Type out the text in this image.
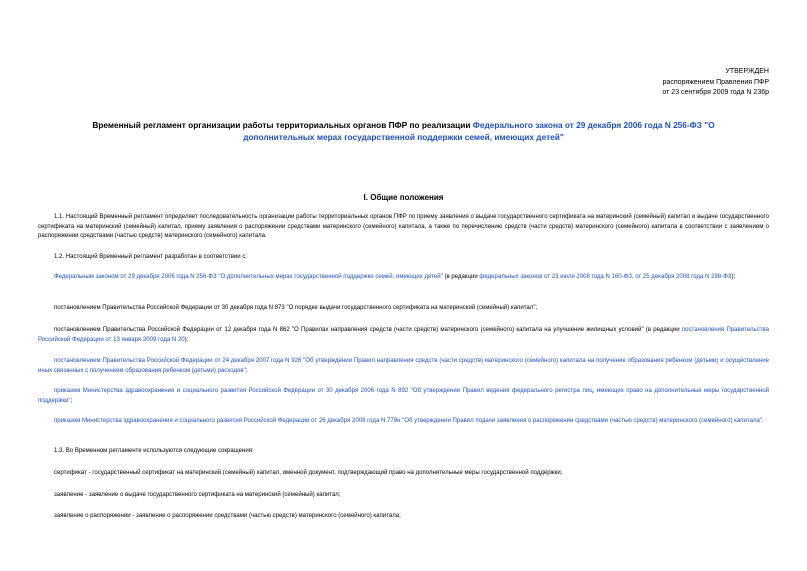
УТВЕРЖДЕН
распоряжением Правления ПФР
от 23 сентября 2009 года N 236р
Временный регламент организации работы территориальных органов ПФР по реализации Федерального закона от 29 декабря 2006 года N 256-ФЗ "О дополнительных мерах государственной поддержки семей, имеющих детей"
I. Общие положения
1.1. Настоящий Временный регламент определяет последовательность организации работы территориальных органов ПФР по приему заявления о выдаче государственного сертификата на материнский (семейный) капитал и выдаче государственного сертификата на материнский (семейный) капитал, приему заявления о распоряжении средствами материнского (семейного) капитала, а также по перечислению средств (части средств) материнского (семейного) капитала в соответствии с заявлением о распоряжении средствами (частью средств) материнского (семейного) капитала.
1.2. Настоящий Временный регламент разработан в соответствии с:
Федеральным законом от 29 декабря 2006 года N 256-ФЗ "О дополнительных мерах государственной поддержки семей, имеющих детей" (в редакции федеральных законов от 23 июля 2008 года N 160-ФЗ, от 25 декабря 2008 года N 288-ФЗ);
постановлением Правительства Российской Федерации от 30 декабря года N 873 "О порядке выдачи государственного сертификата на материнский (семейный) капитал";
постановлением Правительства Российской Федерации от 12 декабря года N 862 "О Правилах направления средств (части средств) материнского (семейного) капитала на улучшение жилищных условий" (в редакции постановления Правительства Российской Федерации от 13 января 2009 года N 20);
постановлением Правительства Российской Федерации от 24 декабря 2007 года N 926 "Об утверждении Правил направления средств (части средств) материнского (семейного) капитала на получение образования ребенком (детьми) и осуществление иных связанных с получением образования ребенком (детьми) расходов";
приказом Министерства здравоохранения и социального развития Российской Федерации от 30 декабря 2006 года N 892 "Об утверждении Правил ведения федерального регистра лиц, имеющих право на дополнительные меры государственной поддержки";
приказом Министерства здравоохранения и социального развития Российской Федерации от 26 декабря 2008 года N 779н "Об утверждении Правил подачи заявления о распоряжении средствами (частью средств) материнского (семейного) капитала".
1.3. Во Временном регламенте используются следующие сокращения:
сертификат - государственный сертификат на материнский (семейный) капитал, именной документ, подтверждающий право на дополнительные меры государственной поддержки;
заявление - заявление о выдаче государственного сертификата на материнский (семейный) капитал;
заявление о распоряжении - заявление о распоряжении средствами (частью средств) материнского (семейного) капитала;
